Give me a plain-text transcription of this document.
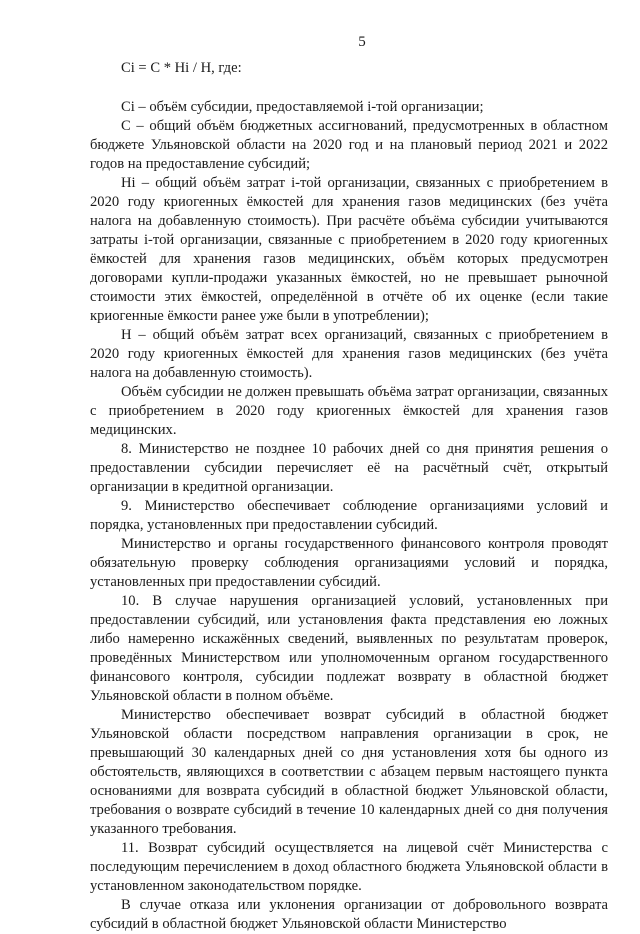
5
Ci = C * Hi / H, где:

Ci – объём субсидии, предоставляемой i-той организации;

С – общий объём бюджетных ассигнований, предусмотренных в областном бюджете Ульяновской области на 2020 год и на плановый период 2021 и 2022 годов на предоставление субсидий;

Hi – общий объём затрат i-той организации, связанных с приобретением в 2020 году криогенных ёмкостей для хранения газов медицинских (без учёта налога на добавленную стоимость). При расчёте объёма субсидии учитываются затраты i-той организации, связанные с приобретением в 2020 году криогенных ёмкостей для хранения газов медицинских, объём которых предусмотрен договорами купли-продажи указанных ёмкостей, но не превышает рыночной стоимости этих ёмкостей, определённой в отчёте об их оценке (если такие криогенные ёмкости ранее уже были в употреблении);

H – общий объём затрат всех организаций, связанных с приобретением в 2020 году криогенных ёмкостей для хранения газов медицинских (без учёта налога на добавленную стоимость).

Объём субсидии не должен превышать объёма затрат организации, связанных с приобретением в 2020 году криогенных ёмкостей для хранения газов медицинских.

8. Министерство не позднее 10 рабочих дней со дня принятия решения о предоставлении субсидии перечисляет её на расчётный счёт, открытый организации в кредитной организации.

9. Министерство обеспечивает соблюдение организациями условий и порядка, установленных при предоставлении субсидий.

Министерство и органы государственного финансового контроля проводят обязательную проверку соблюдения организациями условий и порядка, установленных при предоставлении субсидий.

10. В случае нарушения организацией условий, установленных при предоставлении субсидий, или установления факта представления ею ложных либо намеренно искажённых сведений, выявленных по результатам проверок, проведённых Министерством или уполномоченным органом государственного финансового контроля, субсидии подлежат возврату в областной бюджет Ульяновской области в полном объёме.

Министерство обеспечивает возврат субсидий в областной бюджет Ульяновской области посредством направления организации в срок, не превышающий 30 календарных дней со дня установления хотя бы одного из обстоятельств, являющихся в соответствии с абзацем первым настоящего пункта основаниями для возврата субсидий в областной бюджет Ульяновской области, требования о возврате субсидий в течение 10 календарных дней со дня получения указанного требования.

11. Возврат субсидий осуществляется на лицевой счёт Министерства с последующим перечислением в доход областного бюджета Ульяновской области в установленном законодательством порядке.

В случае отказа или уклонения организации от добровольного возврата субсидий в областной бюджет Ульяновской области Министерство
